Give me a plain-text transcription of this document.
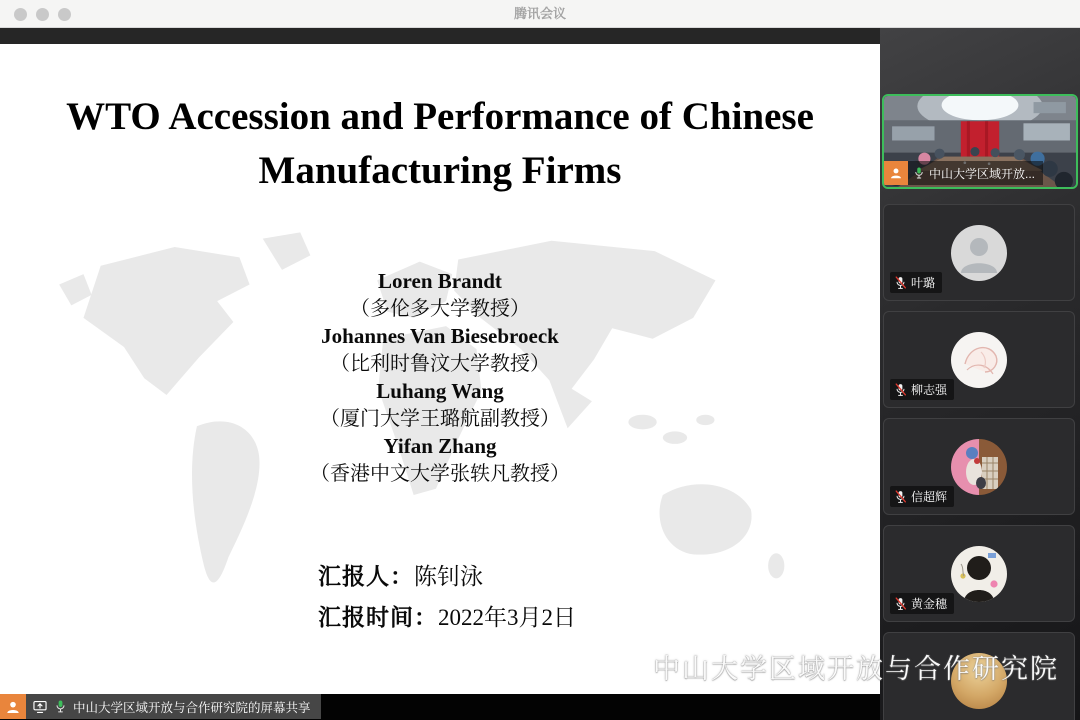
腾讯会议
WTO Accession and Performance of Chinese
Manufacturing Firms
Loren Brandt
（多伦多大学教授）
Johannes Van Biesebroeck
（比利时鲁汶大学教授）
Luhang Wang
（厦门大学王璐航副教授）
Yifan Zhang
（香港中文大学张轶凡教授）
汇报人：陈钊泳
汇报时间：2022年3月2日
中山大学区域开放与合作研究院的屏幕共享
中山大学区域开放...
叶璐
柳志强
信超辉
黄金穗
中山大学区域开放与合作研究院
